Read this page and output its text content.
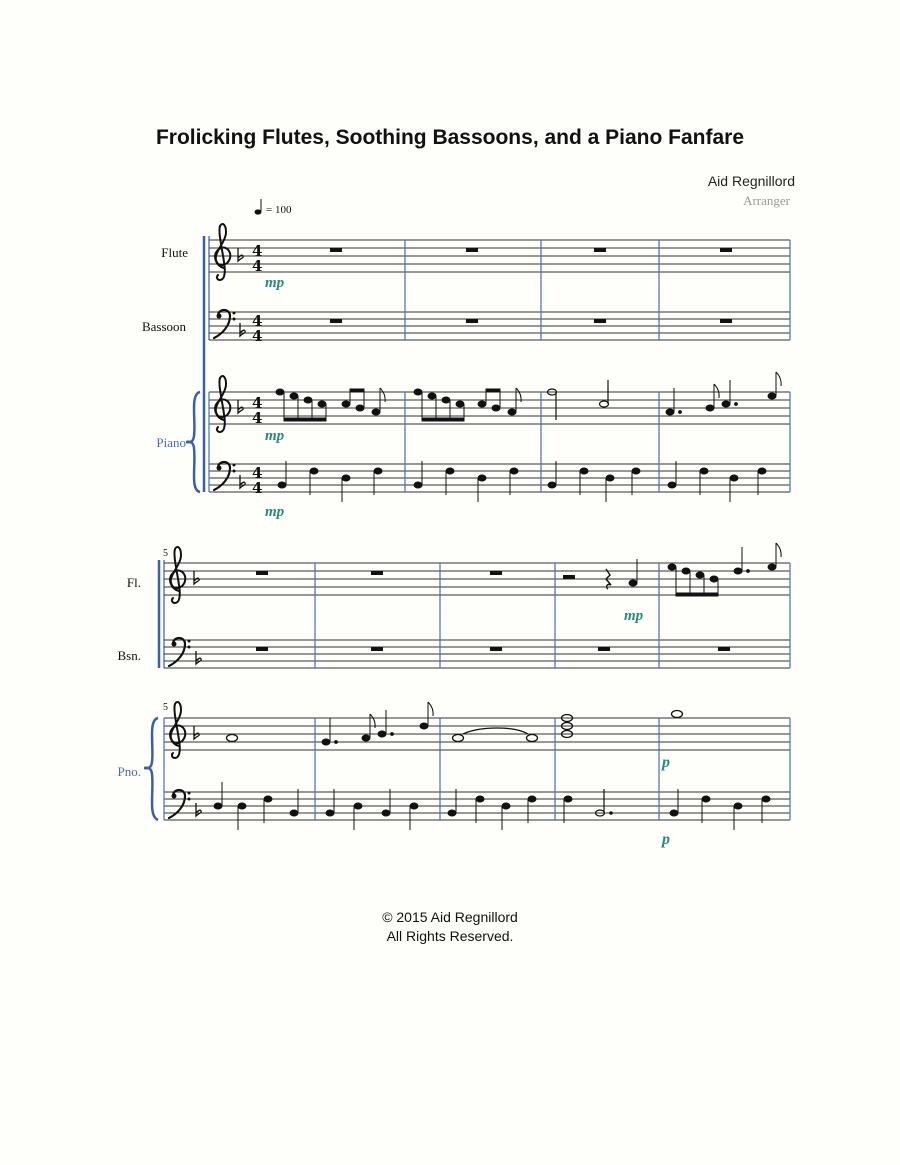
Frolicking Flutes, Soothing Bassoons, and a Piano Fanfare
Aid Regnillord
Arranger
= 100
Flute
Bassoon
Piano
4
4
mp
4
4
4
4
mp
4
4
mp
5
Fl.
Bsn.
Pno.
mp
5
p
p
© 2015 Aid Regnillord
All Rights Reserved.
